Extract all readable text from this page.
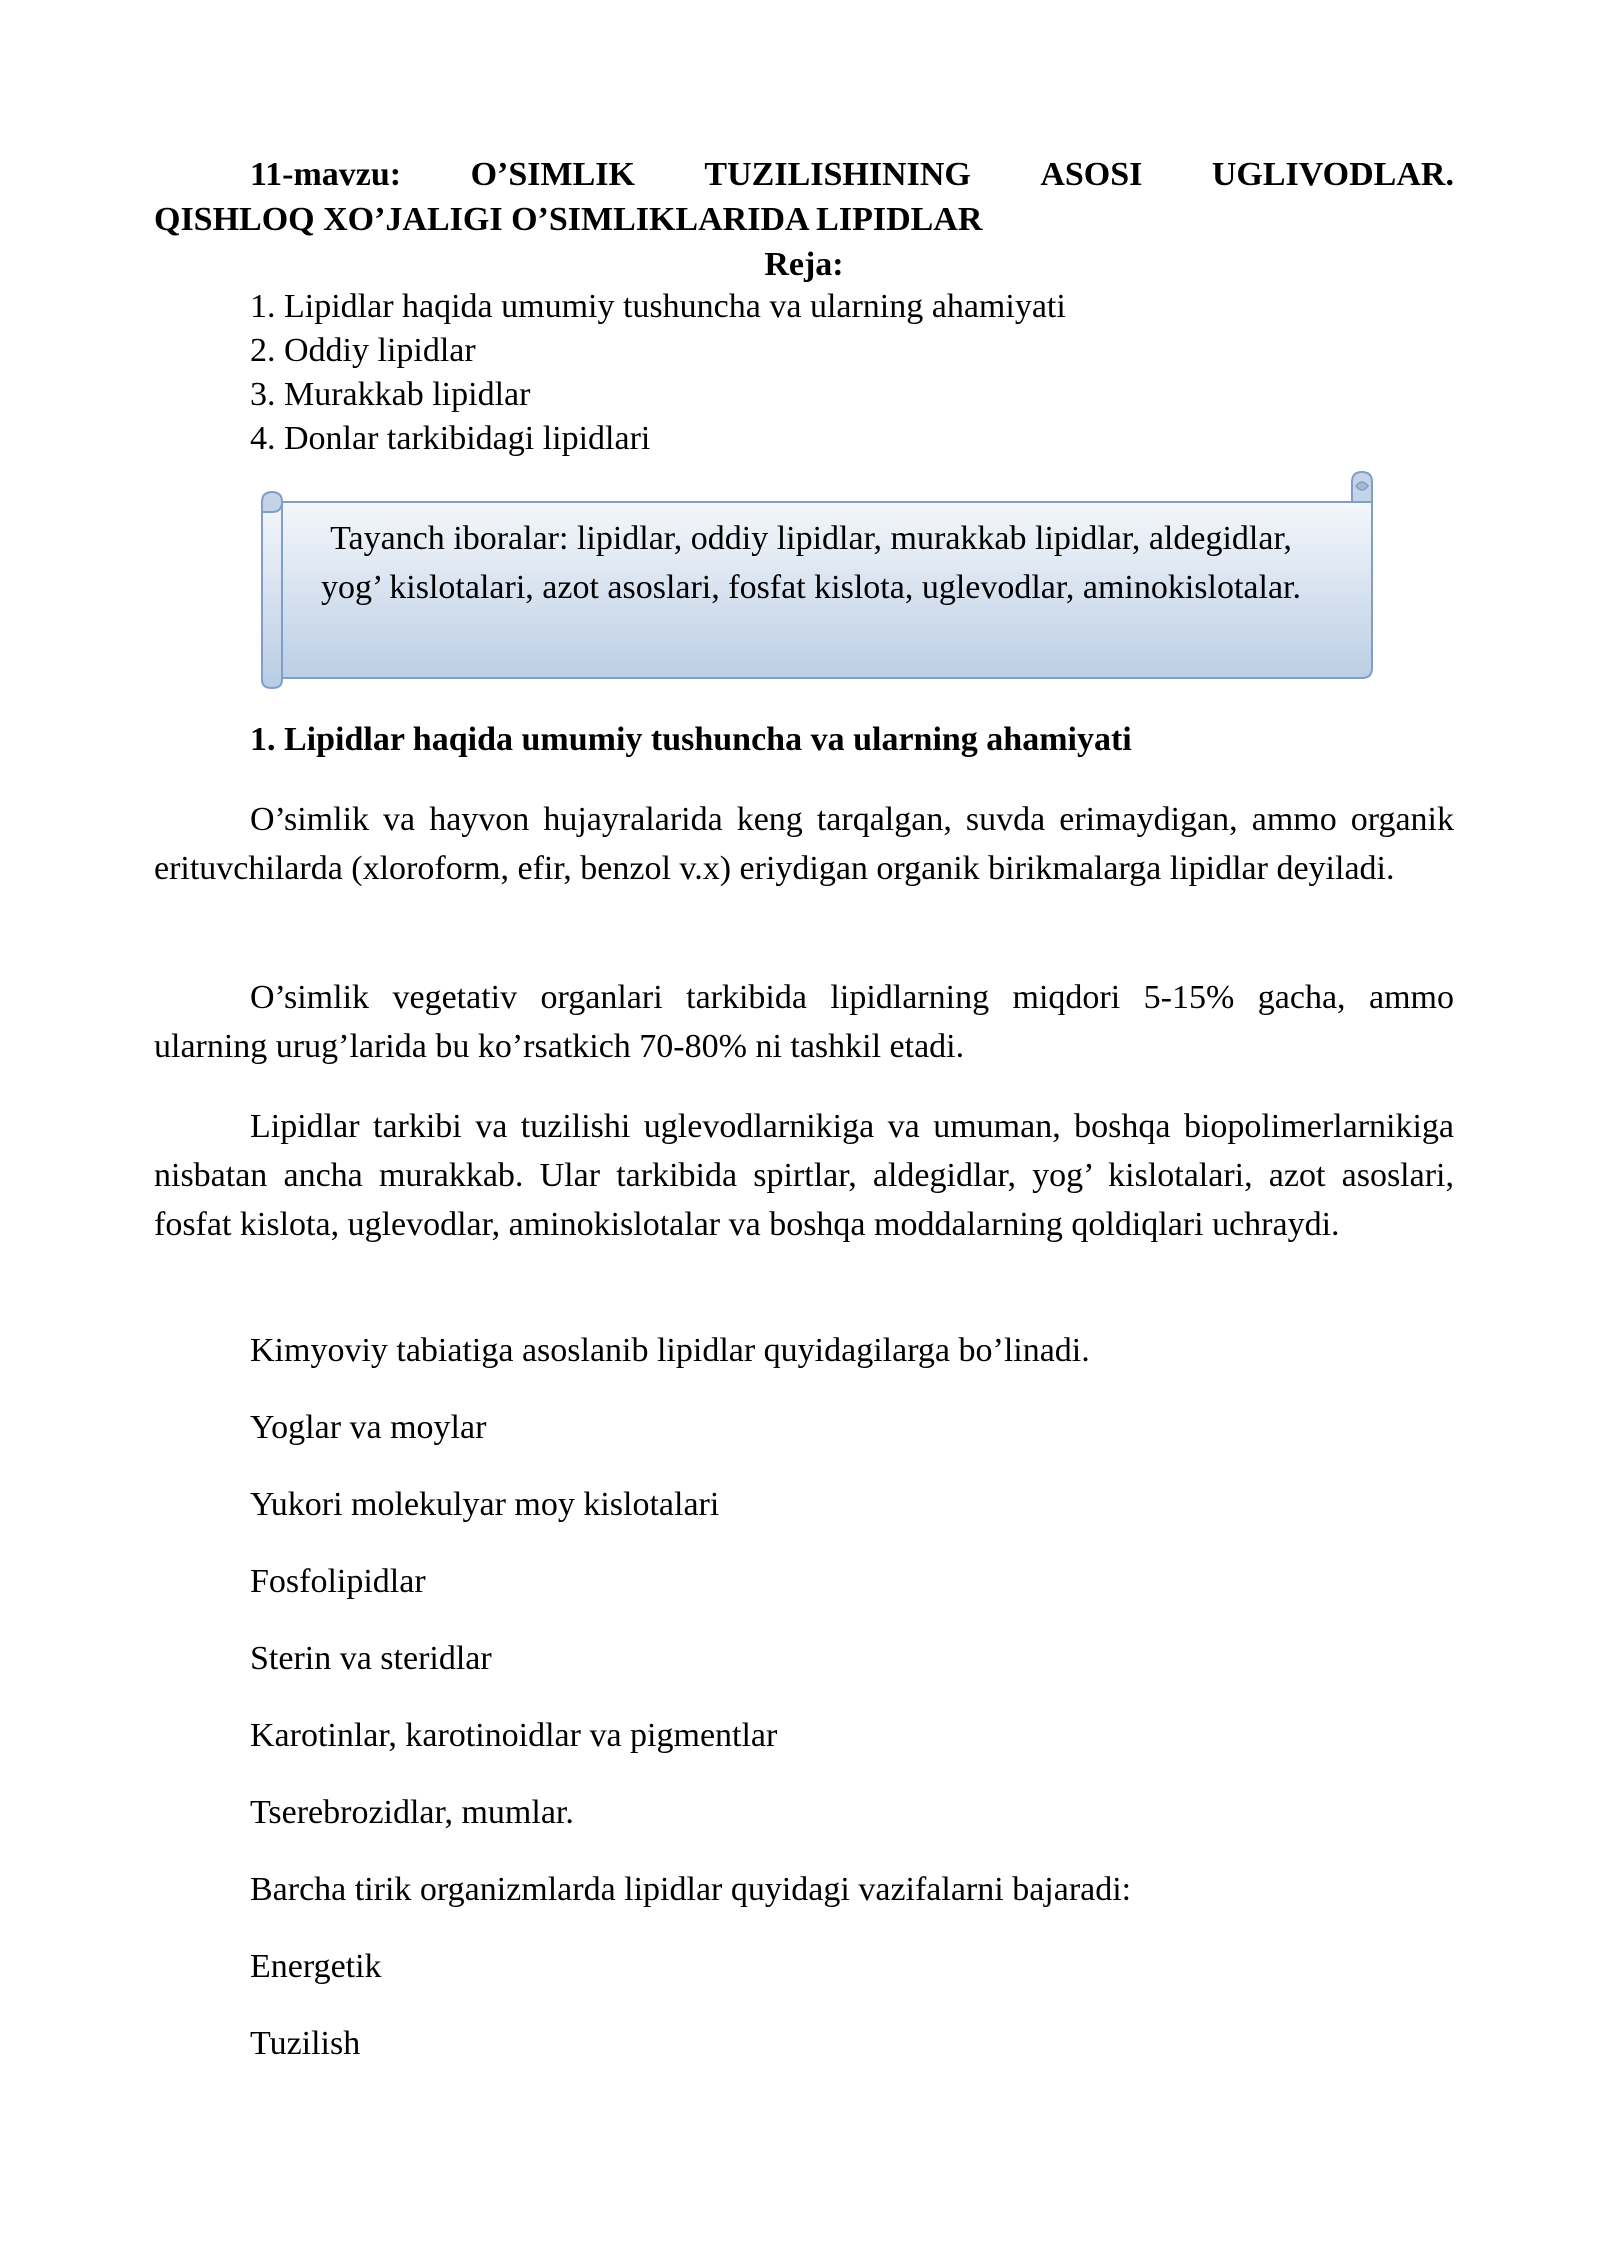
11-mavzu: O’SIMLIK TUZILISHINING ASOSI UGLIVODLAR.
QISHLOQ XO’JALIGI O’SIMLIKLARIDA LIPIDLAR
Reja:
1. Lipidlar haqida umumiy tushuncha va ularning ahamiyati
2. Oddiy lipidlar
3. Murakkab lipidlar
4. Donlar tarkibidagi lipidlari
Tayanch iboralar: lipidlar, oddiy lipidlar, murakkab lipidlar, aldegidlar, yog’ kislotalari, azot asoslari, fosfat kislota, uglevodlar, aminokislotalar.
1. Lipidlar haqida umumiy tushuncha va ularning ahamiyati

O’simlik va hayvon hujayralarida keng tarqalgan, suvda erimaydigan, ammo organik erituvchilarda (xloroform, efir, benzol v.x) eriydigan organik birikmalarga lipidlar deyiladi.

O’simlik vegetativ organlari tarkibida lipidlarning miqdori 5-15% gacha, ammo ularning urug’larida bu ko’rsatkich 70-80% ni tashkil etadi.

Lipidlar tarkibi va tuzilishi uglevodlarnikiga va umuman, boshqa biopolimerlarnikiga nisbatan ancha murakkab. Ular tarkibida spirtlar, aldegidlar, yog’ kislotalari, azot asoslari, fosfat kislota, uglevodlar, aminokislotalar va boshqa moddalarning qoldiqlari uchraydi.

Kimyoviy tabiatiga asoslanib lipidlar quyidagilarga bo’linadi.

Yoglar va moylar

Yukori molekulyar moy kislotalari

Fosfolipidlar

Sterin va steridlar

Karotinlar, karotinoidlar va pigmentlar

Tserebrozidlar, mumlar.

Barcha tirik organizmlarda lipidlar quyidagi vazifalarni bajaradi:

Energetik

Tuzilish
